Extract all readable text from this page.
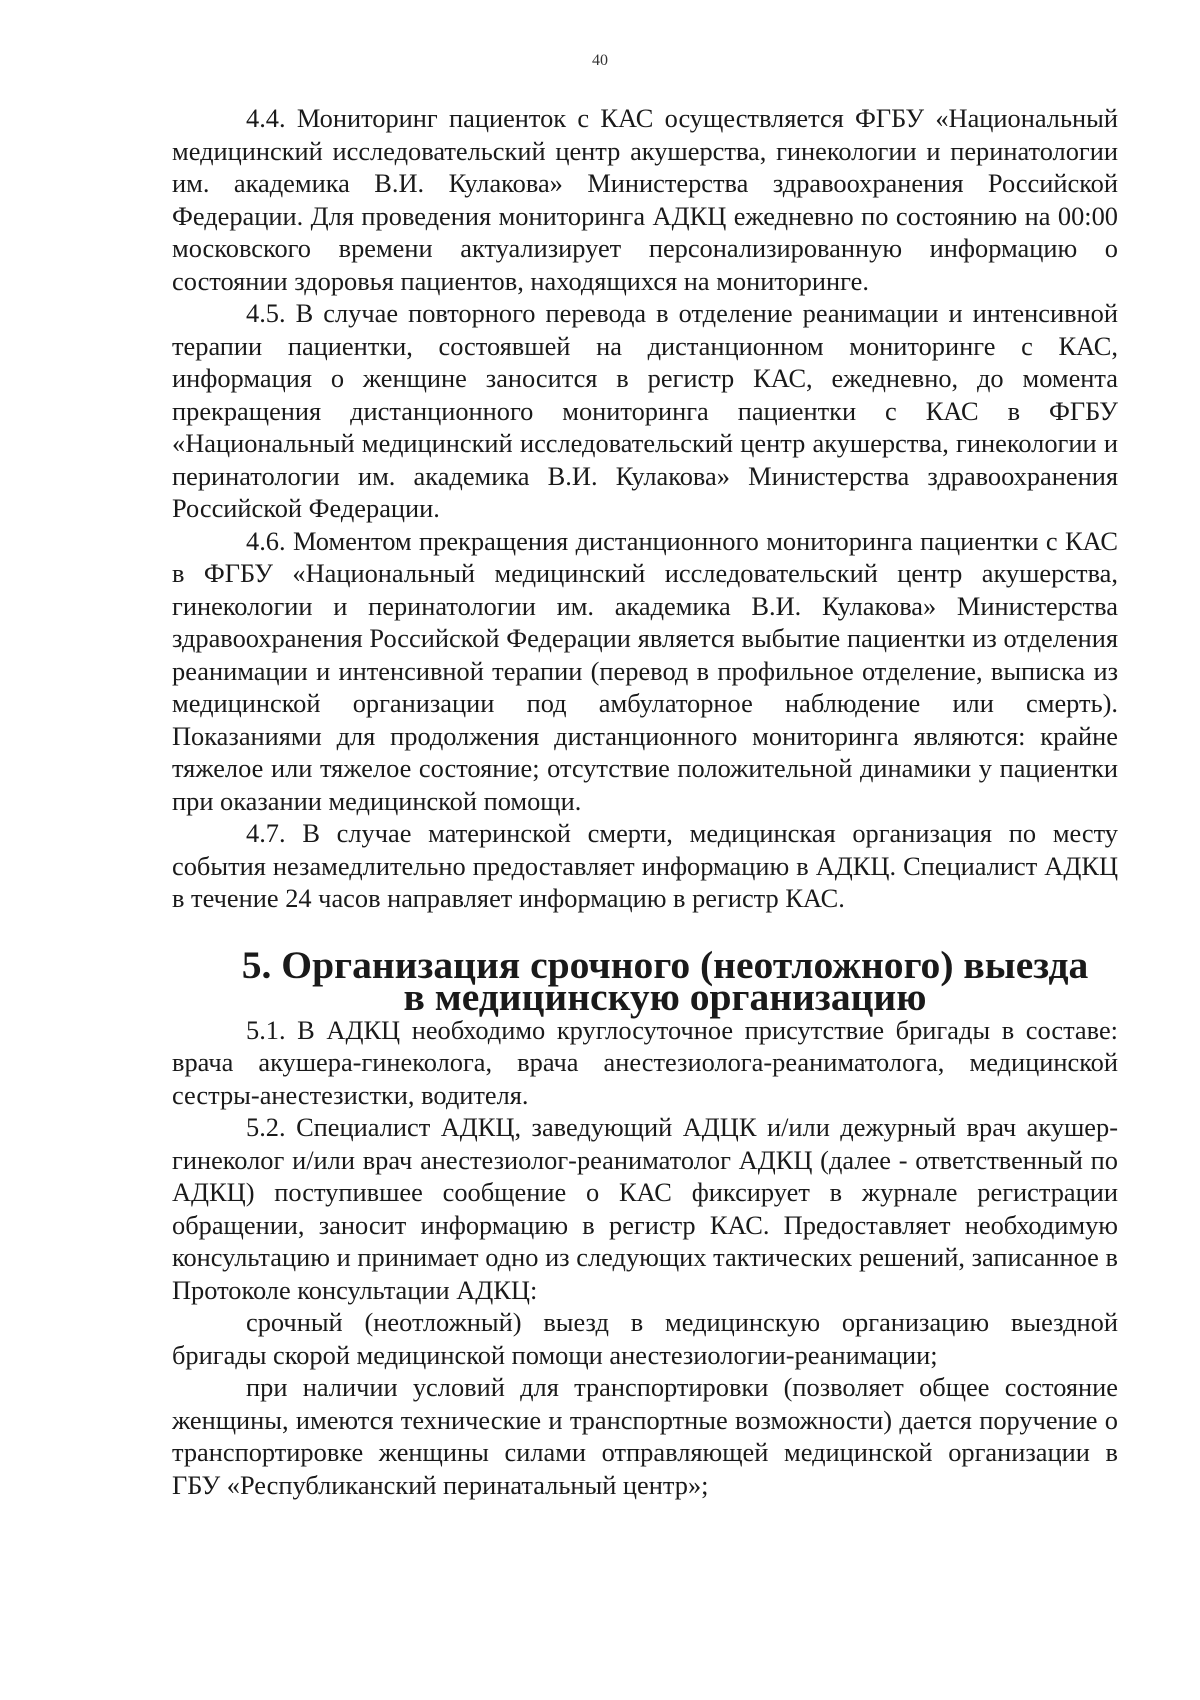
40

4.4. Мониторинг пациенток с КАС осуществляется ФГБУ «Национальный медицинский исследовательский центр акушерства, гинекологии и перинатологии им. академика В.И. Кулакова» Министерства здравоохранения Российской Федерации. Для проведения мониторинга АДКЦ ежедневно по состоянию на 00:00 московского времени актуализирует персонализированную информацию о состоянии здоровья пациентов, находящихся на мониторинге.

4.5. В случае повторного перевода в отделение реанимации и интенсивной терапии пациентки, состоявшей на дистанционном мониторинге с КАС, информация о женщине заносится в регистр КАС, ежедневно, до момента прекращения дистанционного мониторинга пациентки с КАС в ФГБУ «Национальный медицинский исследовательский центр акушерства, гинекологии и перинатологии им. академика В.И. Кулакова» Министерства здравоохранения Российской Федерации.

4.6. Моментом прекращения дистанционного мониторинга пациентки с КАС в ФГБУ «Национальный медицинский исследовательский центр акушерства, гинекологии и перинатологии им. академика В.И. Кулакова» Министерства здравоохранения Российской Федерации является выбытие пациентки из отделения реанимации и интенсивной терапии (перевод в профильное отделение, выписка из медицинской организации под амбулаторное наблюдение или смерть). Показаниями для продолжения дистанционного мониторинга являются: крайне тяжелое или тяжелое состояние; отсутствие положительной динамики у пациентки при оказании медицинской помощи.

4.7. В случае материнской смерти, медицинская организация по месту события незамедлительно предоставляет информацию в АДКЦ. Специалист АДКЦ в течение 24 часов направляет информацию в регистр КАС.

5. Организация срочного (неотложного) выезда в медицинскую организацию

5.1. В АДКЦ необходимо круглосуточное присутствие бригады в составе: врача акушера-гинеколога, врача анестезиолога-реаниматолога, медицинской сестры-анестезистки, водителя.

5.2. Специалист АДКЦ, заведующий АДЦК и/или дежурный врач акушер-гинеколог и/или врач анестезиолог-реаниматолог АДКЦ (далее - ответственный по АДКЦ) поступившее сообщение о КАС фиксирует в журнале регистрации обращении, заносит информацию в регистр КАС. Предоставляет необходимую консультацию и принимает одно из следующих тактических решений, записанное в Протоколе консультации АДКЦ:

срочный (неотложный) выезд в медицинскую организацию выездной бригады скорой медицинской помощи анестезиологии-реанимации;

при наличии условий для транспортировки (позволяет общее состояние женщины, имеются технические и транспортные возможности) дается поручение о транспортировке женщины силами отправляющей медицинской организации в ГБУ «Республиканский перинатальный центр»;
